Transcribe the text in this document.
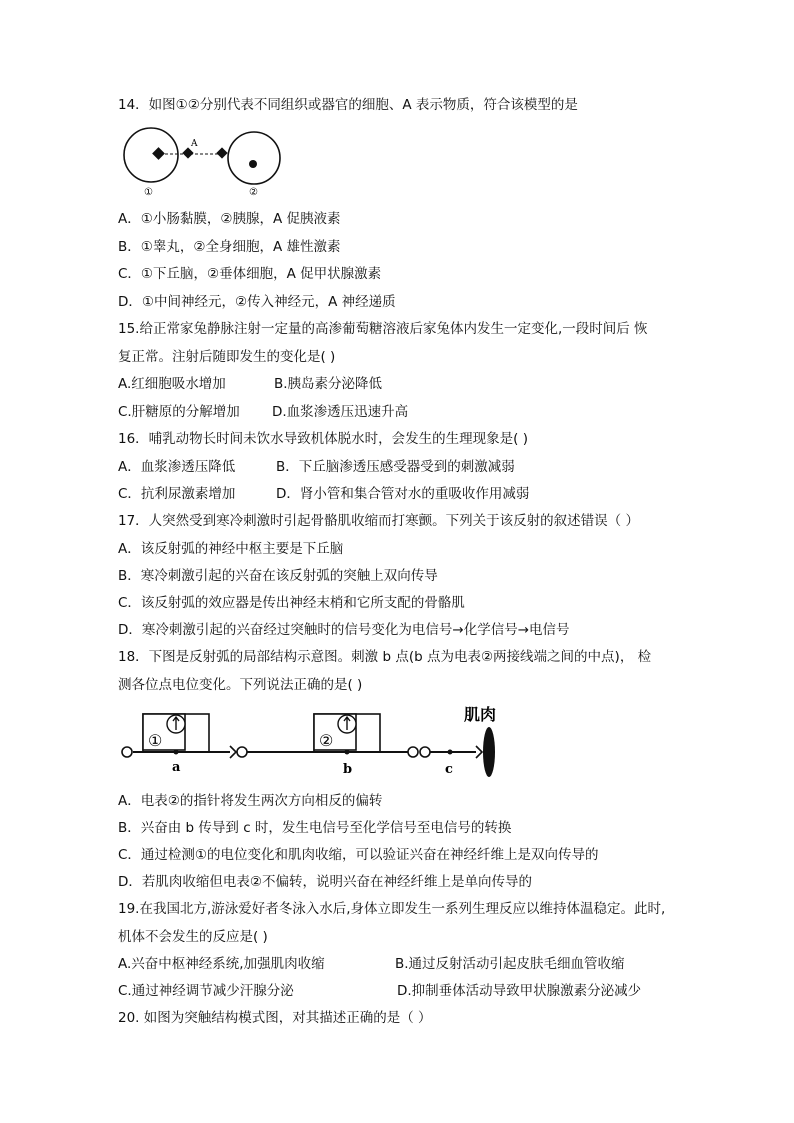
14．如图①②分别代表不同组织或器官的细胞、A 表示物质，符合该模型的是
A
①	②
A．①小肠黏膜，②胰腺，A 促胰液素
B．①睾丸，②全身细胞，A 雄性激素
C．①下丘脑，②垂体细胞，A 促甲状腺激素
D．①中间神经元，②传入神经元，A 神经递质
15.给正常家兔静脉注射一定量的高渗葡萄糖溶液后家兔体内发生一定变化,一段时间后 恢
复正常。注射后随即发生的变化是( )
A.红细胞吸水增加	B.胰岛素分泌降低
C.肝糖原的分解增加 D.血浆渗透压迅速升高
16．哺乳动物长时间未饮水导致机体脱水时，会发生的生理现象是( )
A．血浆渗透压降低	B．下丘脑渗透压感受器受到的刺激减弱
C．抗利尿激素增加	D．肾小管和集合管对水的重吸收作用减弱
17．人突然受到寒冷刺激时引起骨骼肌收缩而打寒颤。下列关于该反射的叙述错误（ ）
A．该反射弧的神经中枢主要是下丘脑
B．寒冷刺激引起的兴奋在该反射弧的突触上双向传导
C．该反射弧的效应器是传出神经末梢和它所支配的骨骼肌
D．寒冷刺激引起的兴奋经过突触时的信号变化为电信号→化学信号→电信号
18．下图是反射弧的局部结构示意图。刺激 b 点(b 点为电表②两接线端之间的中点)， 检
测各位点电位变化。下列说法正确的是( )
①
a
②
b	c
肌肉
A．电表②的指针将发生两次方向相反的偏转
B．兴奋由 b 传导到 c 时，发生电信号至化学信号至电信号的转换
C．通过检测①的电位变化和肌肉收缩，可以验证兴奋在神经纤维上是双向传导的
D．若肌肉收缩但电表②不偏转，说明兴奋在神经纤维上是单向传导的
19.在我国北方,游泳爱好者冬泳入水后,身体立即发生一系列生理反应以维持体温稳定。此时,
机体不会发生的反应是( )
A.兴奋中枢神经系统,加强肌肉收缩	B.通过反射活动引起皮肤毛细血管收缩
C.通过神经调节减少汗腺分泌	D.抑制垂体活动导致甲状腺激素分泌减少
20. 如图为突触结构模式图，对其描述正确的是（ ）
